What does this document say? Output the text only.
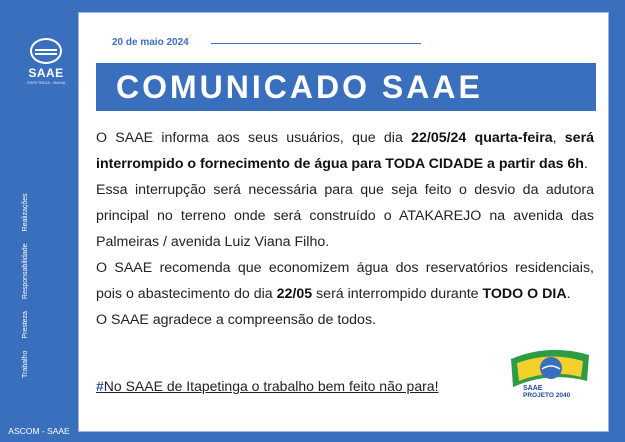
SAAE
ITAPETINGA - BAHIA
Trabalho Presteza Responsabilidade Realizações
ASCOM - SAAE
20 de maio 2024
COMUNICADO SAAE

O SAAE informa aos seus usuários, que dia 22/05/24 quarta-feira, será interrompido o fornecimento de água para TODA CIDADE a partir das 6h.

Essa interrupção será necessária para que seja feito o desvio da adutora principal no terreno onde será construído o ATAKAREJO na avenida das Palmeiras / avenida Luiz Viana Filho.

O SAAE recomenda que economizem água dos reservatórios residenciais, pois o abastecimento do dia 22/05 será interrompido durante TODO O DIA.

O SAAE agradece a compreensão de todos.

#No SAAE de Itapetinga o trabalho bem feito não para!	SAAE
PROJETO 2040
